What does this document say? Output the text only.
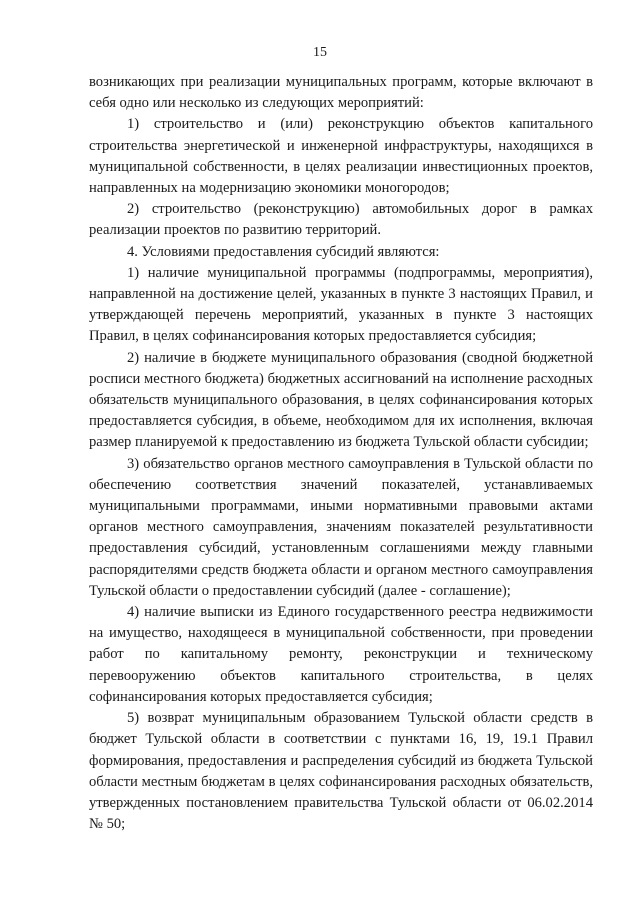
15

возникающих при реализации муниципальных программ, которые включают в себя одно или несколько из следующих мероприятий:

1) строительство и (или) реконструкцию объектов капитального строительства энергетической и инженерной инфраструктуры, находящихся в муниципальной собственности, в целях реализации инвестиционных проектов, направленных на модернизацию экономики моногородов;

2) строительство (реконструкцию) автомобильных дорог в рамках реализации проектов по развитию территорий.

4. Условиями предоставления субсидий являются:

1) наличие муниципальной программы (подпрограммы, мероприятия), направленной на достижение целей, указанных в пункте 3 настоящих Правил, и утверждающей перечень мероприятий, указанных в пункте 3 настоящих Правил, в целях софинансирования которых предоставляется субсидия;

2) наличие в бюджете муниципального образования (сводной бюджетной росписи местного бюджета) бюджетных ассигнований на исполнение расходных обязательств муниципального образования, в целях софинансирования которых предоставляется субсидия, в объеме, необходимом для их исполнения, включая размер планируемой к предоставлению из бюджета Тульской области субсидии;

3) обязательство органов местного самоуправления в Тульской области по обеспечению соответствия значений показателей, устанавливаемых муниципальными программами, иными нормативными правовыми актами органов местного самоуправления, значениям показателей результативности предоставления субсидий, установленным соглашениями между главными распорядителями средств бюджета области и органом местного самоуправления Тульской области о предоставлении субсидий (далее - соглашение);

4) наличие выписки из Единого государственного реестра недвижимости на имущество, находящееся в муниципальной собственности, при проведении работ по капитальному ремонту, реконструкции и техническому перевооружению объектов капитального строительства, в целях софинансирования которых предоставляется субсидия;

5) возврат муниципальным образованием Тульской области средств в бюджет Тульской области в соответствии с пунктами 16, 19, 19.1 Правил формирования, предоставления и распределения субсидий из бюджета Тульской области местным бюджетам в целях софинансирования расходных обязательств, утвержденных постановлением правительства Тульской области от 06.02.2014 № 50;
